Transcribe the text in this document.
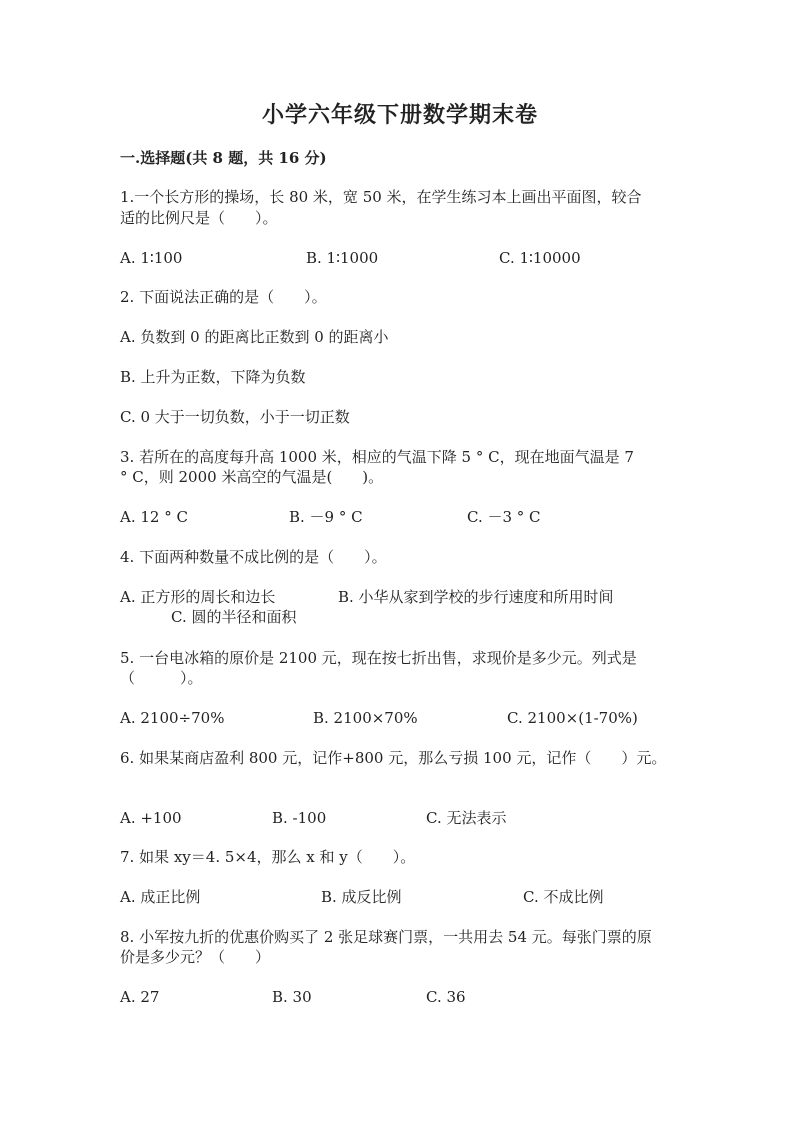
小学六年级下册数学期末卷
一.选择题(共 8 题，共 16 分)
1.一个长方形的操场，长 80 米，宽 50 米，在学生练习本上画出平面图，较合
适的比例尺是（　　）。
A. 1∶100	B. 1∶1000	C. 1∶10000
2. 下面说法正确的是（　　）。
A. 负数到 0 的距离比正数到 0 的距离小
B. 上升为正数，下降为负数
C. 0 大于一切负数，小于一切正数
3. 若所在的高度每升高 1000 米，相应的气温下降 5 ° C，现在地面气温是 7
° C，则 2000 米高空的气温是(　　)。
A. 12 ° C	B. －9 ° C	C. －3 ° C
4. 下面两种数量不成比例的是（　　）。
A. 正方形的周长和边长	B. 小华从家到学校的步行速度和所用时间
C. 圆的半径和面积
5. 一台电冰箱的原价是 2100 元，现在按七折出售，求现价是多少元。列式是
（　　　）。
A. 2100÷70%	B. 2100×70%	C. 2100×(1-70%)
6. 如果某商店盈利 800 元，记作+800 元，那么亏损 100 元，记作（　　）元。
A. +100	B. -100	C. 无法表示
7. 如果 xy＝4. 5×4，那么 x 和 y（　　）。
A. 成正比例	B. 成反比例	C. 不成比例
8. 小军按九折的优惠价购买了 2 张足球赛门票，一共用去 54 元。每张门票的原
价是多少元？（　　）
A. 27	B. 30	C. 36
